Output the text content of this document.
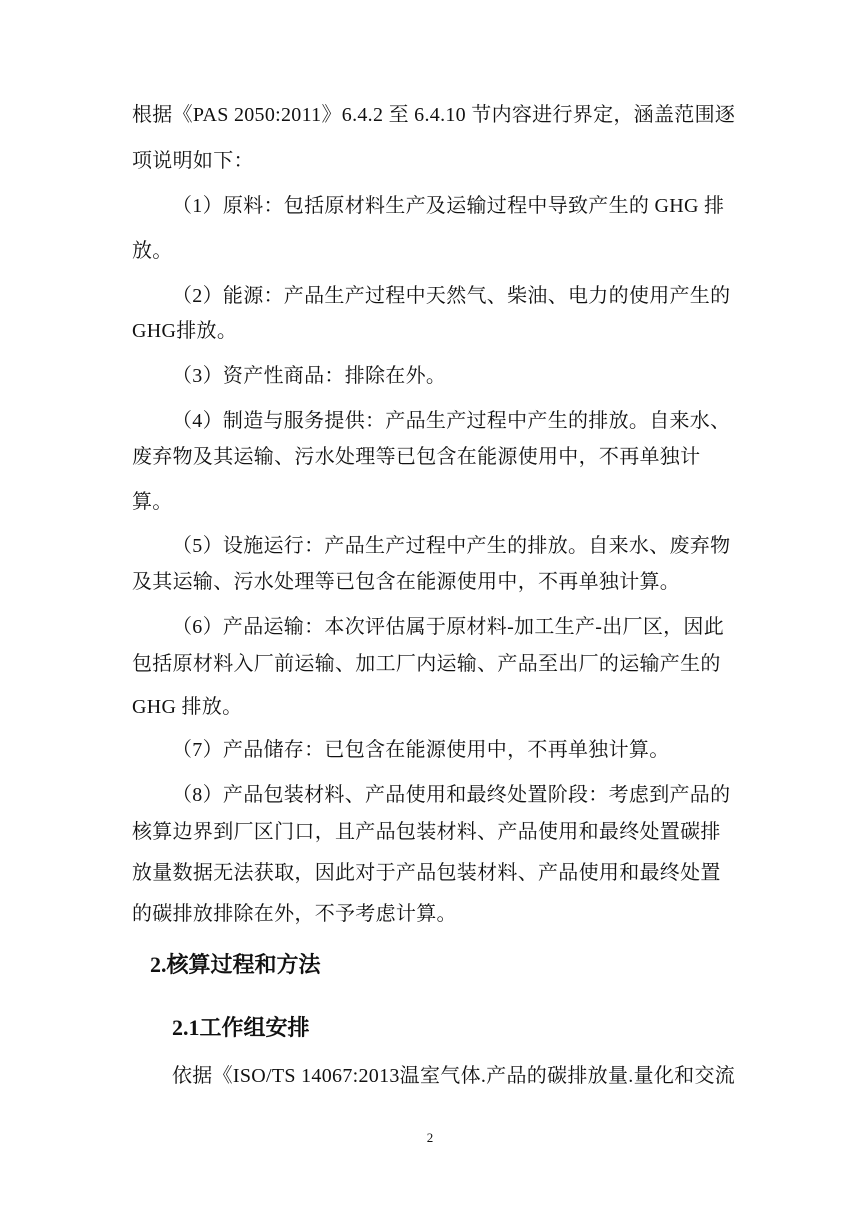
根据《PAS 2050:2011》6.4.2 至 6.4.10 节内容进行界定，涵盖范围逐
项说明如下：
（1）原料：包括原材料生产及运输过程中导致产生的 GHG 排
放。
（2）能源：产品生产过程中天然气、柴油、电力的使用产生的
GHG排放。
（3）资产性商品：排除在外。
（4）制造与服务提供：产品生产过程中产生的排放。自来水、
废弃物及其运输、污水处理等已包含在能源使用中，不再单独计
算。
（5）设施运行：产品生产过程中产生的排放。自来水、废弃物
及其运输、污水处理等已包含在能源使用中，不再单独计算。
（6）产品运输：本次评估属于原材料-加工生产-出厂区，因此
包括原材料入厂前运输、加工厂内运输、产品至出厂的运输产生的
GHG 排放。
（7）产品储存：已包含在能源使用中，不再单独计算。
（8）产品包装材料、产品使用和最终处置阶段：考虑到产品的
核算边界到厂区门口，且产品包装材料、产品使用和最终处置碳排
放量数据无法获取，因此对于产品包装材料、产品使用和最终处置
的碳排放排除在外，不予考虑计算。
2.核算过程和方法
2.1工作组安排
依据《ISO/TS 14067:2013温室气体.产品的碳排放量.量化和交流
2
